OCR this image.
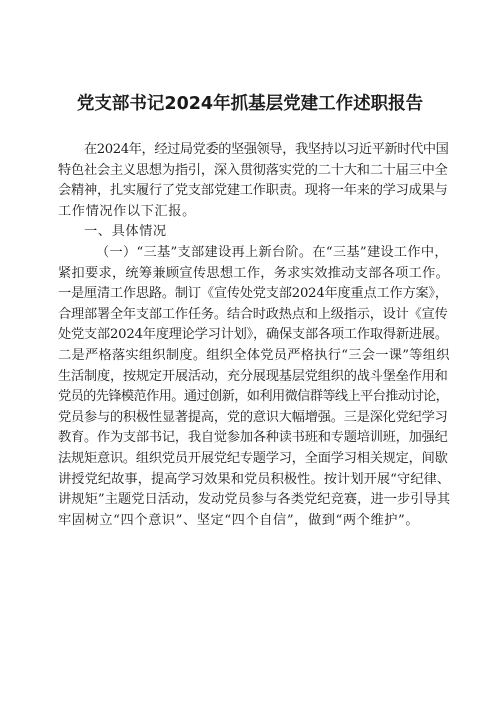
党支部书记2024年抓基层党建工作述职报告
在2024年，经过局党委的坚强领导，我坚持以习近平新时代中国
特色社会主义思想为指引，深入贯彻落实党的二十大和二十届三中全
会精神，扎实履行了党支部党建工作职责。现将一年来的学习成果与
工作情况作以下汇报。
一、具体情况
（一）“三基”支部建设再上新台阶。在“三基”建设工作中，
紧扣要求，统筹兼顾宣传思想工作，务求实效推动支部各项工作。
一是厘清工作思路。制订《宣传处党支部2024年度重点工作方案》，
合理部署全年支部工作任务。结合时政热点和上级指示，设计《宣传
处党支部2024年度理论学习计划》，确保支部各项工作取得新进展。
二是严格落实组织制度。组织全体党员严格执行“三会一课”等组织
生活制度，按规定开展活动，充分展现基层党组织的战斗堡垒作用和
党员的先锋模范作用。通过创新，如利用微信群等线上平台推动讨论，
党员参与的积极性显著提高，党的意识大幅增强。三是深化党纪学习
教育。作为支部书记，我自觉参加各种读书班和专题培训班，加强纪
法规矩意识。组织党员开展党纪专题学习，全面学习相关规定，间歇
讲授党纪故事，提高学习效果和党员积极性。按计划开展“守纪律、
讲规矩”主题党日活动，发动党员参与各类党纪竞赛，进一步引导其
牢固树立“四个意识”、坚定“四个自信”，做到“两个维护”。
